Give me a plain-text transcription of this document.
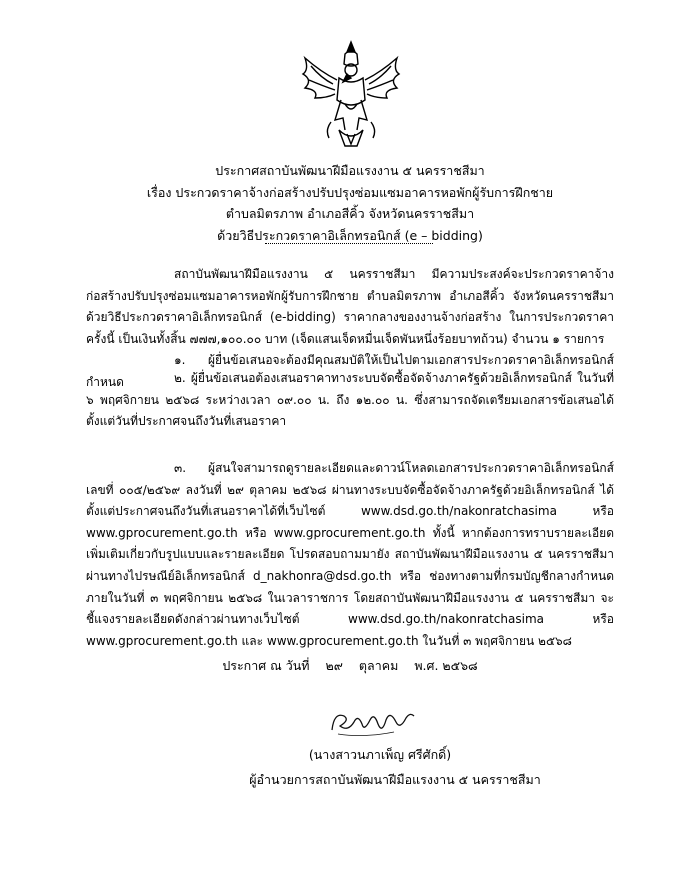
ประกาศสถาบันพัฒนาฝีมือแรงงาน ๕ นครราชสีมา
เรื่อง ประกวดราคาจ้างก่อสร้างปรับปรุงซ่อมแซมอาคารหอพักผู้รับการฝึกชาย
ตำบลมิตรภาพ อำเภอสีคิ้ว จังหวัดนครราชสีมา
ด้วยวิธีประกวดราคาอิเล็กทรอนิกส์ (e – bidding)

สถาบันพัฒนาฝีมือแรงงาน ๕ นครราชสีมา มีความประสงค์จะประกวดราคาจ้างก่อสร้างปรับปรุงซ่อมแซมอาคารหอพักผู้รับการฝึกชาย ตำบลมิตรภาพ อำเภอสีคิ้ว จังหวัดนครราชสีมา ด้วยวิธีประกวดราคาอิเล็กทรอนิกส์ (e-bidding) ราคากลางของงานจ้างก่อสร้าง ในการประกวดราคาครั้งนี้ เป็นเงินทั้งสิ้น ๗๗๗,๑๐๐.๐๐ บาท (เจ็ดแสนเจ็ดหมื่นเจ็ดพันหนึ่งร้อยบาทถ้วน) จำนวน ๑ รายการ

๑. ผู้ยื่นข้อเสนอจะต้องมีคุณสมบัติให้เป็นไปตามเอกสารประกวดราคาอิเล็กทรอนิกส์กำหนด	๒. ผู้ยื่นข้อเสนอต้องเสนอราคาทางระบบจัดซื้อจัดจ้างภาครัฐด้วยอิเล็กทรอนิกส์ ในวันที่ ๖ พฤศจิกายน ๒๕๖๘ ระหว่างเวลา ๐๙.๐๐ น. ถึง ๑๒.๐๐ น. ซึ่งสามารถจัดเตรียมเอกสารข้อเสนอได้ตั้งแต่วันที่ประกาศจนถึงวันที่เสนอราคา

๓. ผู้สนใจสามารถดูรายละเอียดและดาวน์โหลดเอกสารประกวดราคาอิเล็กทรอนิกส์เลขที่ ๐๐๕/๒๕๖๙ ลงวันที่ ๒๙ ตุลาคม ๒๕๖๘ ผ่านทางระบบจัดซื้อจัดจ้างภาครัฐด้วยอิเล็กทรอนิกส์ ได้ตั้งแต่ประกาศจนถึงวันที่เสนอราคาได้ที่เว็บไซต์ www.dsd.go.th/nakonratchasima หรือ www.gprocurement.go.th หรือ www.gprocurement.go.th ทั้งนี้ หากต้องการทราบรายละเอียดเพิ่มเติมเกี่ยวกับรูปแบบและรายละเอียด โปรดสอบถามมายัง สถาบันพัฒนาฝีมือแรงงาน ๕ นครราชสีมา ผ่านทางไปรษณีย์อิเล็กทรอนิกส์ d_nakhonra@dsd.go.th หรือ ช่องทางตามที่กรมบัญชีกลางกำหนด ภายในวันที่ ๓ พฤศจิกายน ๒๕๖๘ ในเวลาราชการ โดยสถาบันพัฒนาฝีมือแรงงาน ๕ นครราชสีมา จะชี้แจงรายละเอียดดังกล่าวผ่านทางเว็บไซต์ www.dsd.go.th/nakonratchasima หรือ www.gprocurement.go.th และ www.gprocurement.go.th ในวันที่ ๓ พฤศจิกายน ๒๕๖๘

ประกาศ ณ วันที่ ๒๙ ตุลาคม พ.ศ. ๒๕๖๘
(นางสาวนภาเพ็ญ ศรีศักดิ์)
ผู้อำนวยการสถาบันพัฒนาฝีมือแรงงาน ๕ นครราชสีมา
